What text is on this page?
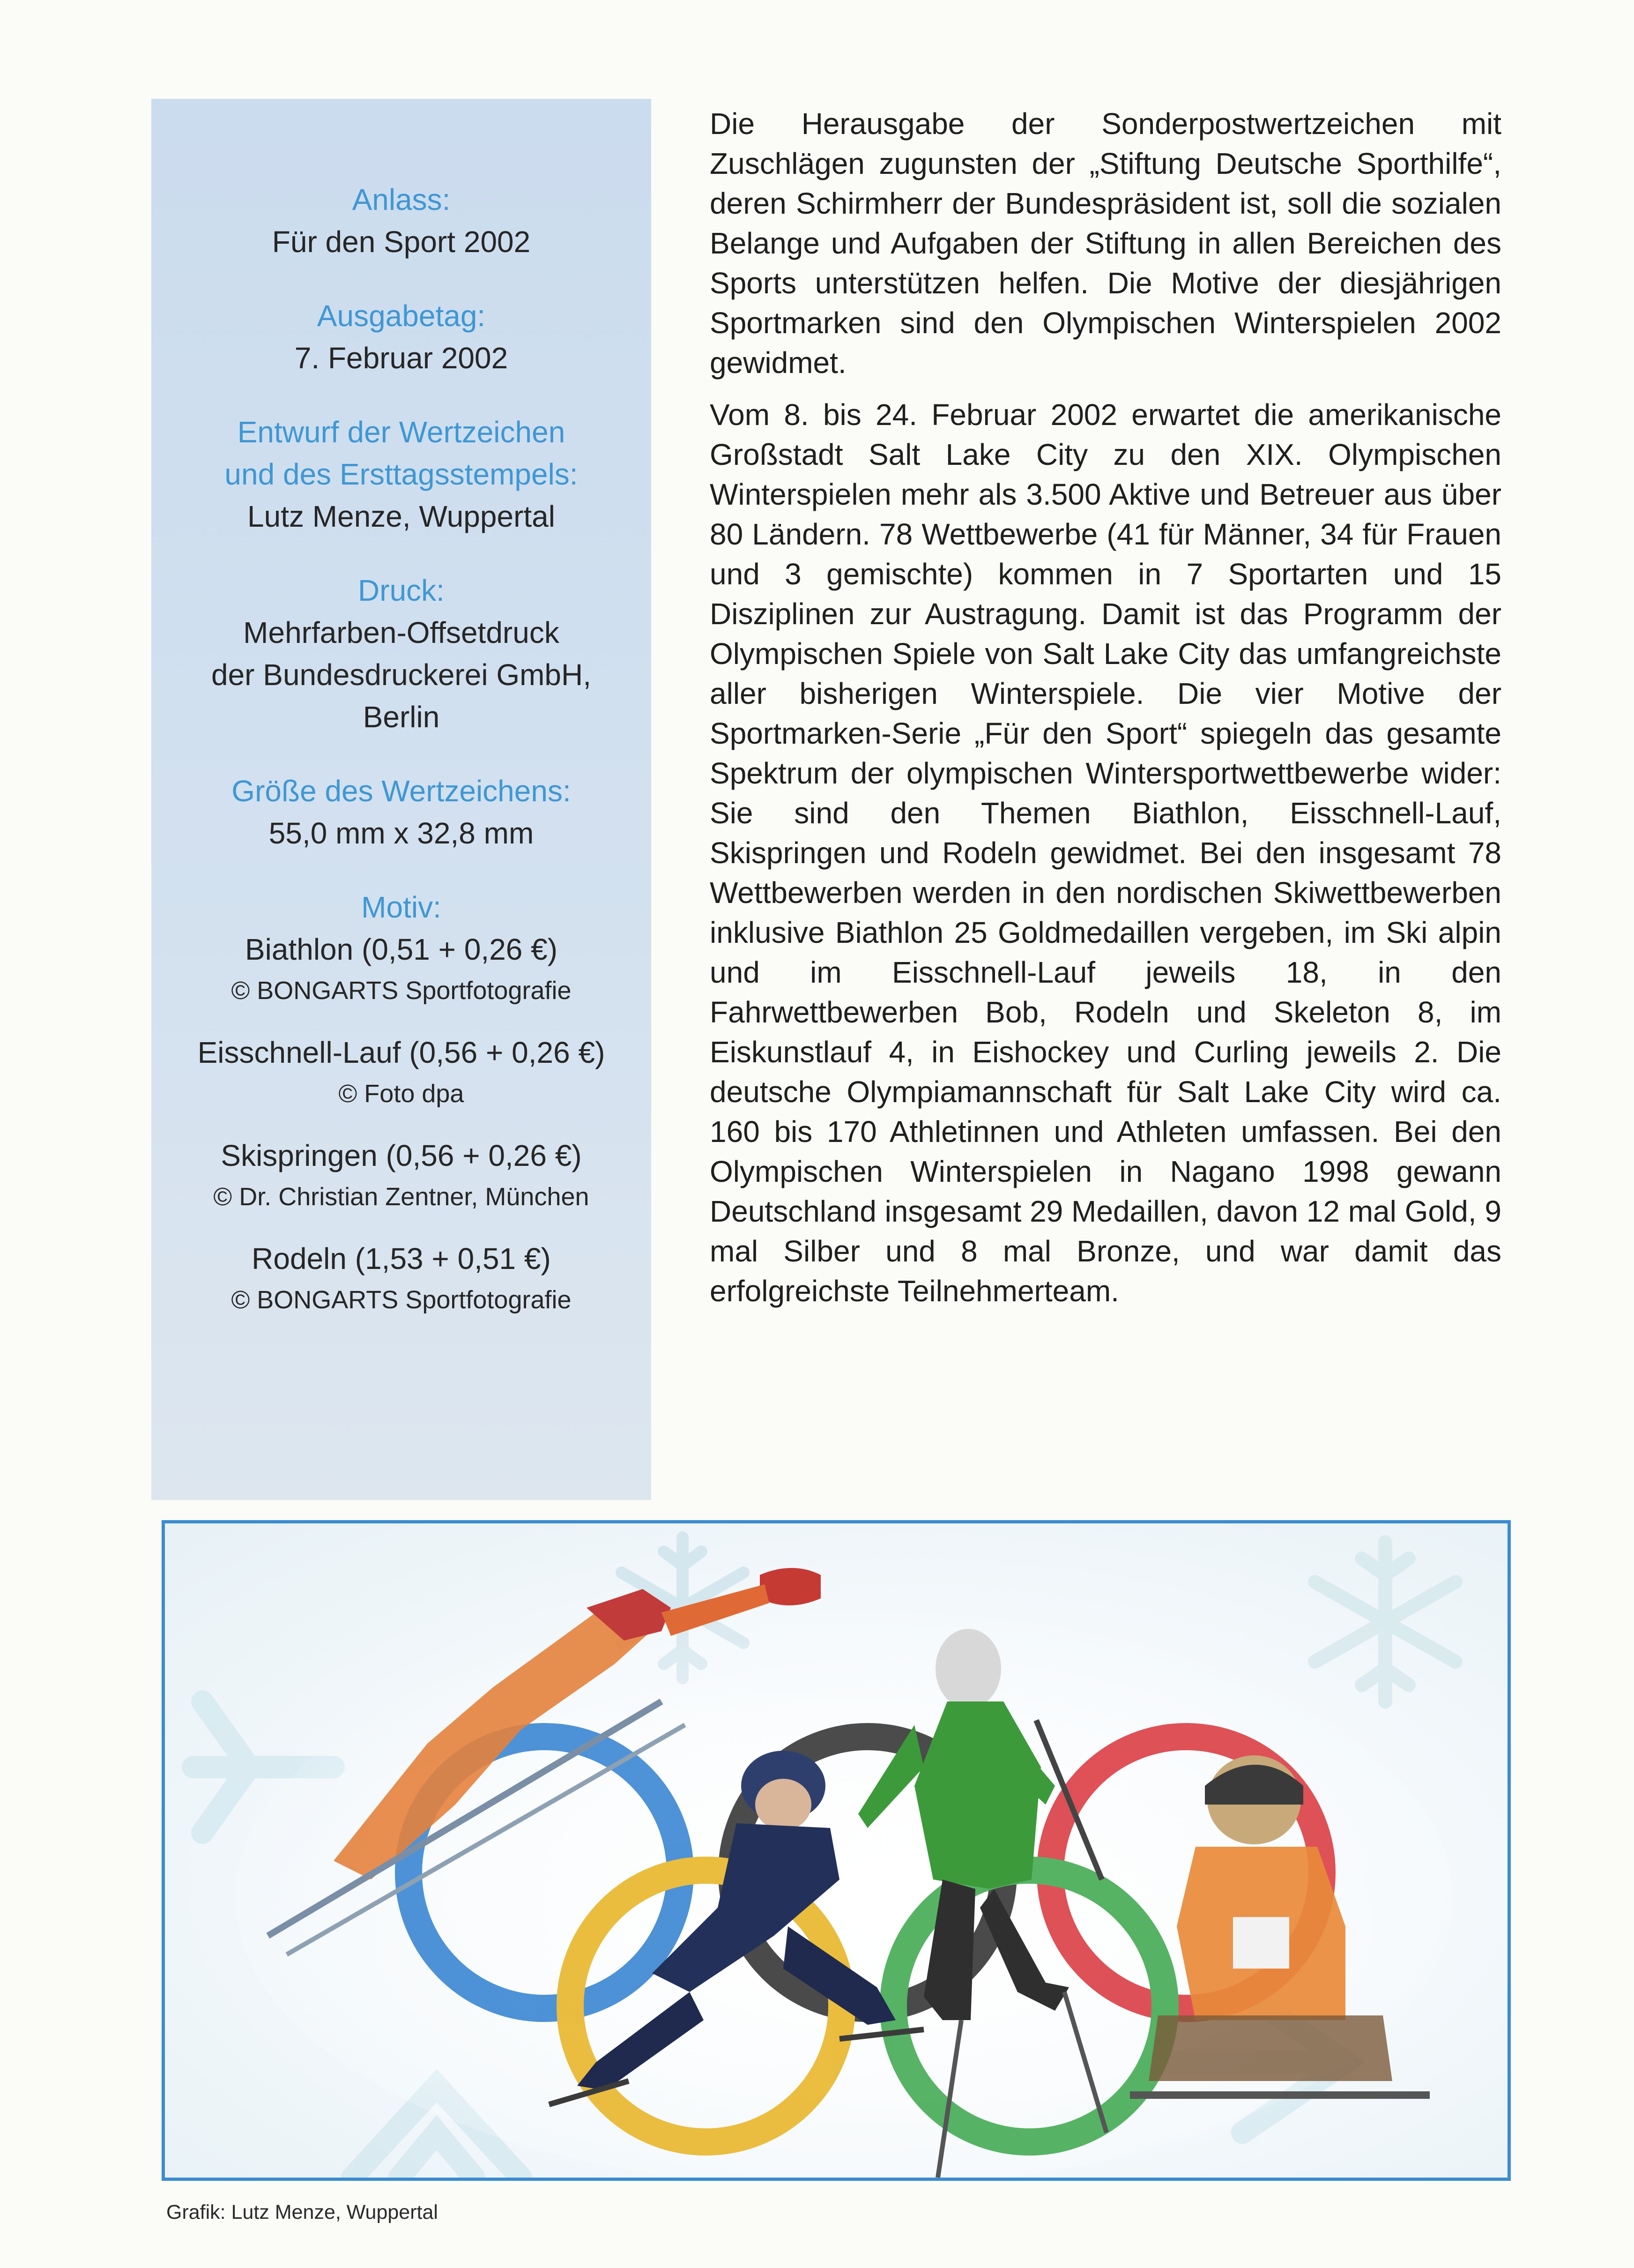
Anlass:
Für den Sport 2002
Ausgabetag:
7. Februar 2002
Entwurf der Wertzeichen
und des Ersttagsstempels:
Lutz Menze, Wuppertal
Druck:
Mehrfarben-Offsetdruck
der Bundesdruckerei GmbH,
Berlin
Größe des Wertzeichens:
55,0 mm x 32,8 mm
Motiv:
Biathlon (0,51 + 0,26 €)
© BONGARTS Sportfotografie
Eisschnell-Lauf (0,56 + 0,26 €)
© Foto dpa
Skispringen (0,56 + 0,26 €)
© Dr. Christian Zentner, München
Rodeln (1,53 + 0,51 €)
© BONGARTS Sportfotografie

Die Herausgabe der Sonderpostwertzeichen mit Zuschlägen zugunsten der „Stiftung Deutsche Sporthilfe“, deren Schirmherr der Bundespräsident ist, soll die sozialen Belange und Aufgaben der Stiftung in allen Bereichen des Sports unterstützen helfen. Die Motive der diesjährigen Sportmarken sind den Olympischen Winterspielen 2002 gewidmet.

Vom 8. bis 24. Februar 2002 erwartet die amerikanische Großstadt Salt Lake City zu den XIX. Olympischen Winterspielen mehr als 3.500 Aktive und Betreuer aus über 80 Ländern. 78 Wettbewerbe (41 für Männer, 34 für Frauen und 3 gemischte) kommen in 7 Sportarten und 15 Disziplinen zur Austragung. Damit ist das Programm der Olympischen Spiele von Salt Lake City das umfangreichste aller bisherigen Winterspiele. Die vier Motive der Sportmarken-Serie „Für den Sport“ spiegeln das gesamte Spektrum der olympischen Wintersportwettbewerbe wider: Sie sind den Themen Biathlon, Eisschnell-Lauf, Skispringen und Rodeln gewidmet. Bei den insgesamt 78 Wettbewerben werden in den nordischen Skiwettbewerben inklusive Biathlon 25 Goldmedaillen vergeben, im Ski alpin und im Eisschnell-Lauf jeweils 18, in den Fahrwettbewerben Bob, Rodeln und Skeleton 8, im Eiskunstlauf 4, in Eishockey und Curling jeweils 2. Die deutsche Olympiamannschaft für Salt Lake City wird ca. 160 bis 170 Athletinnen und Athleten umfassen. Bei den Olympischen Winterspielen in Nagano 1998 gewann Deutschland insgesamt 29 Medaillen, davon 12 mal Gold, 9 mal Silber und 8 mal Bronze, und war damit das erfolgreichste Teilnehmerteam.

Grafik: Lutz Menze, Wuppertal
